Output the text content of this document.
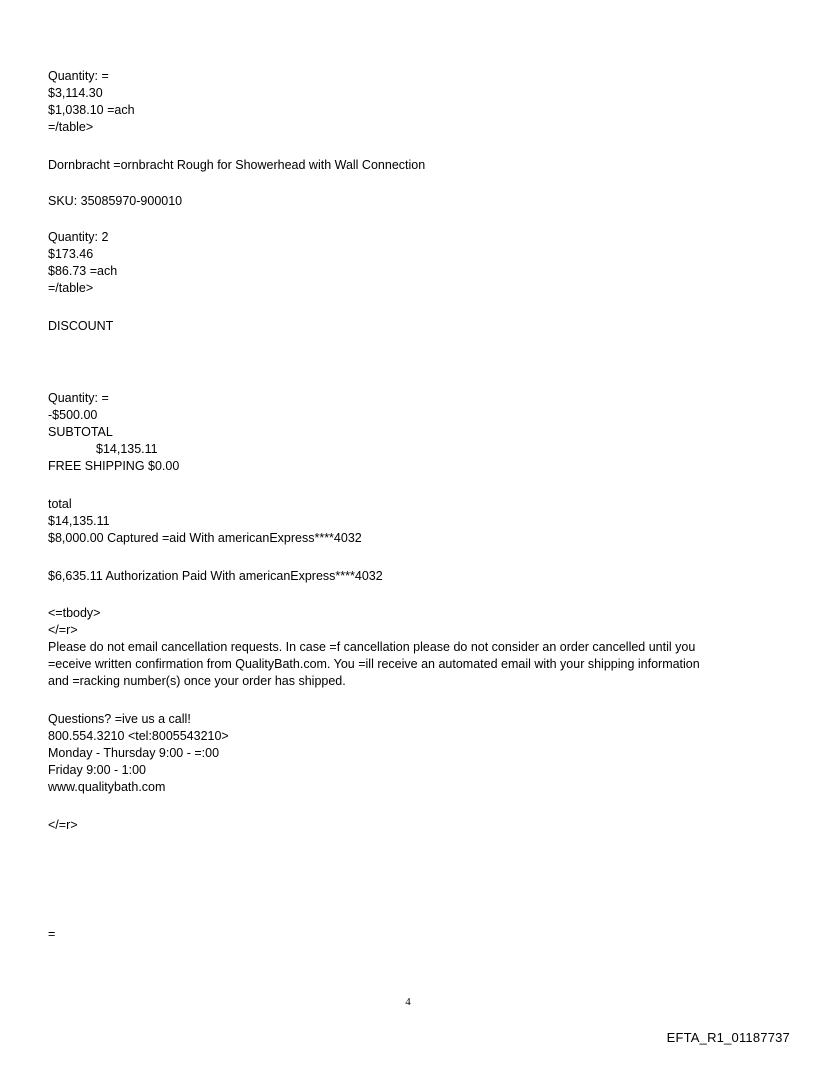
Quantity: =
$3,114.30
$1,038.10 =ach
=/table>
Dornbracht =ornbracht Rough for Showerhead with Wall Connection
SKU: 35085970-900010
Quantity: 2
$173.46
$86.73 =ach
=/table>
DISCOUNT
Quantity: =
-$500.00
SUBTOTAL
$14,135.11
FREE SHIPPING $0.00
total
$14,135.11
$8,000.00 Captured =aid With americanExpress****4032
$6,635.11 Authorization Paid With americanExpress****4032
<=tbody>
</=r>
Please do not email cancellation requests. In case =f cancellation please do not consider an order cancelled until you
=eceive written confirmation from QualityBath.com. You =ill receive an automated email with your shipping information
and =racking number(s) once your order has shipped.
Questions? =ive us a call!
800.554.3210 <tel:8005543210>
Monday - Thursday 9:00 - =:00
Friday 9:00 - 1:00
www.qualitybath.com
</=r>
=
4
EFTA_R1_01187737
